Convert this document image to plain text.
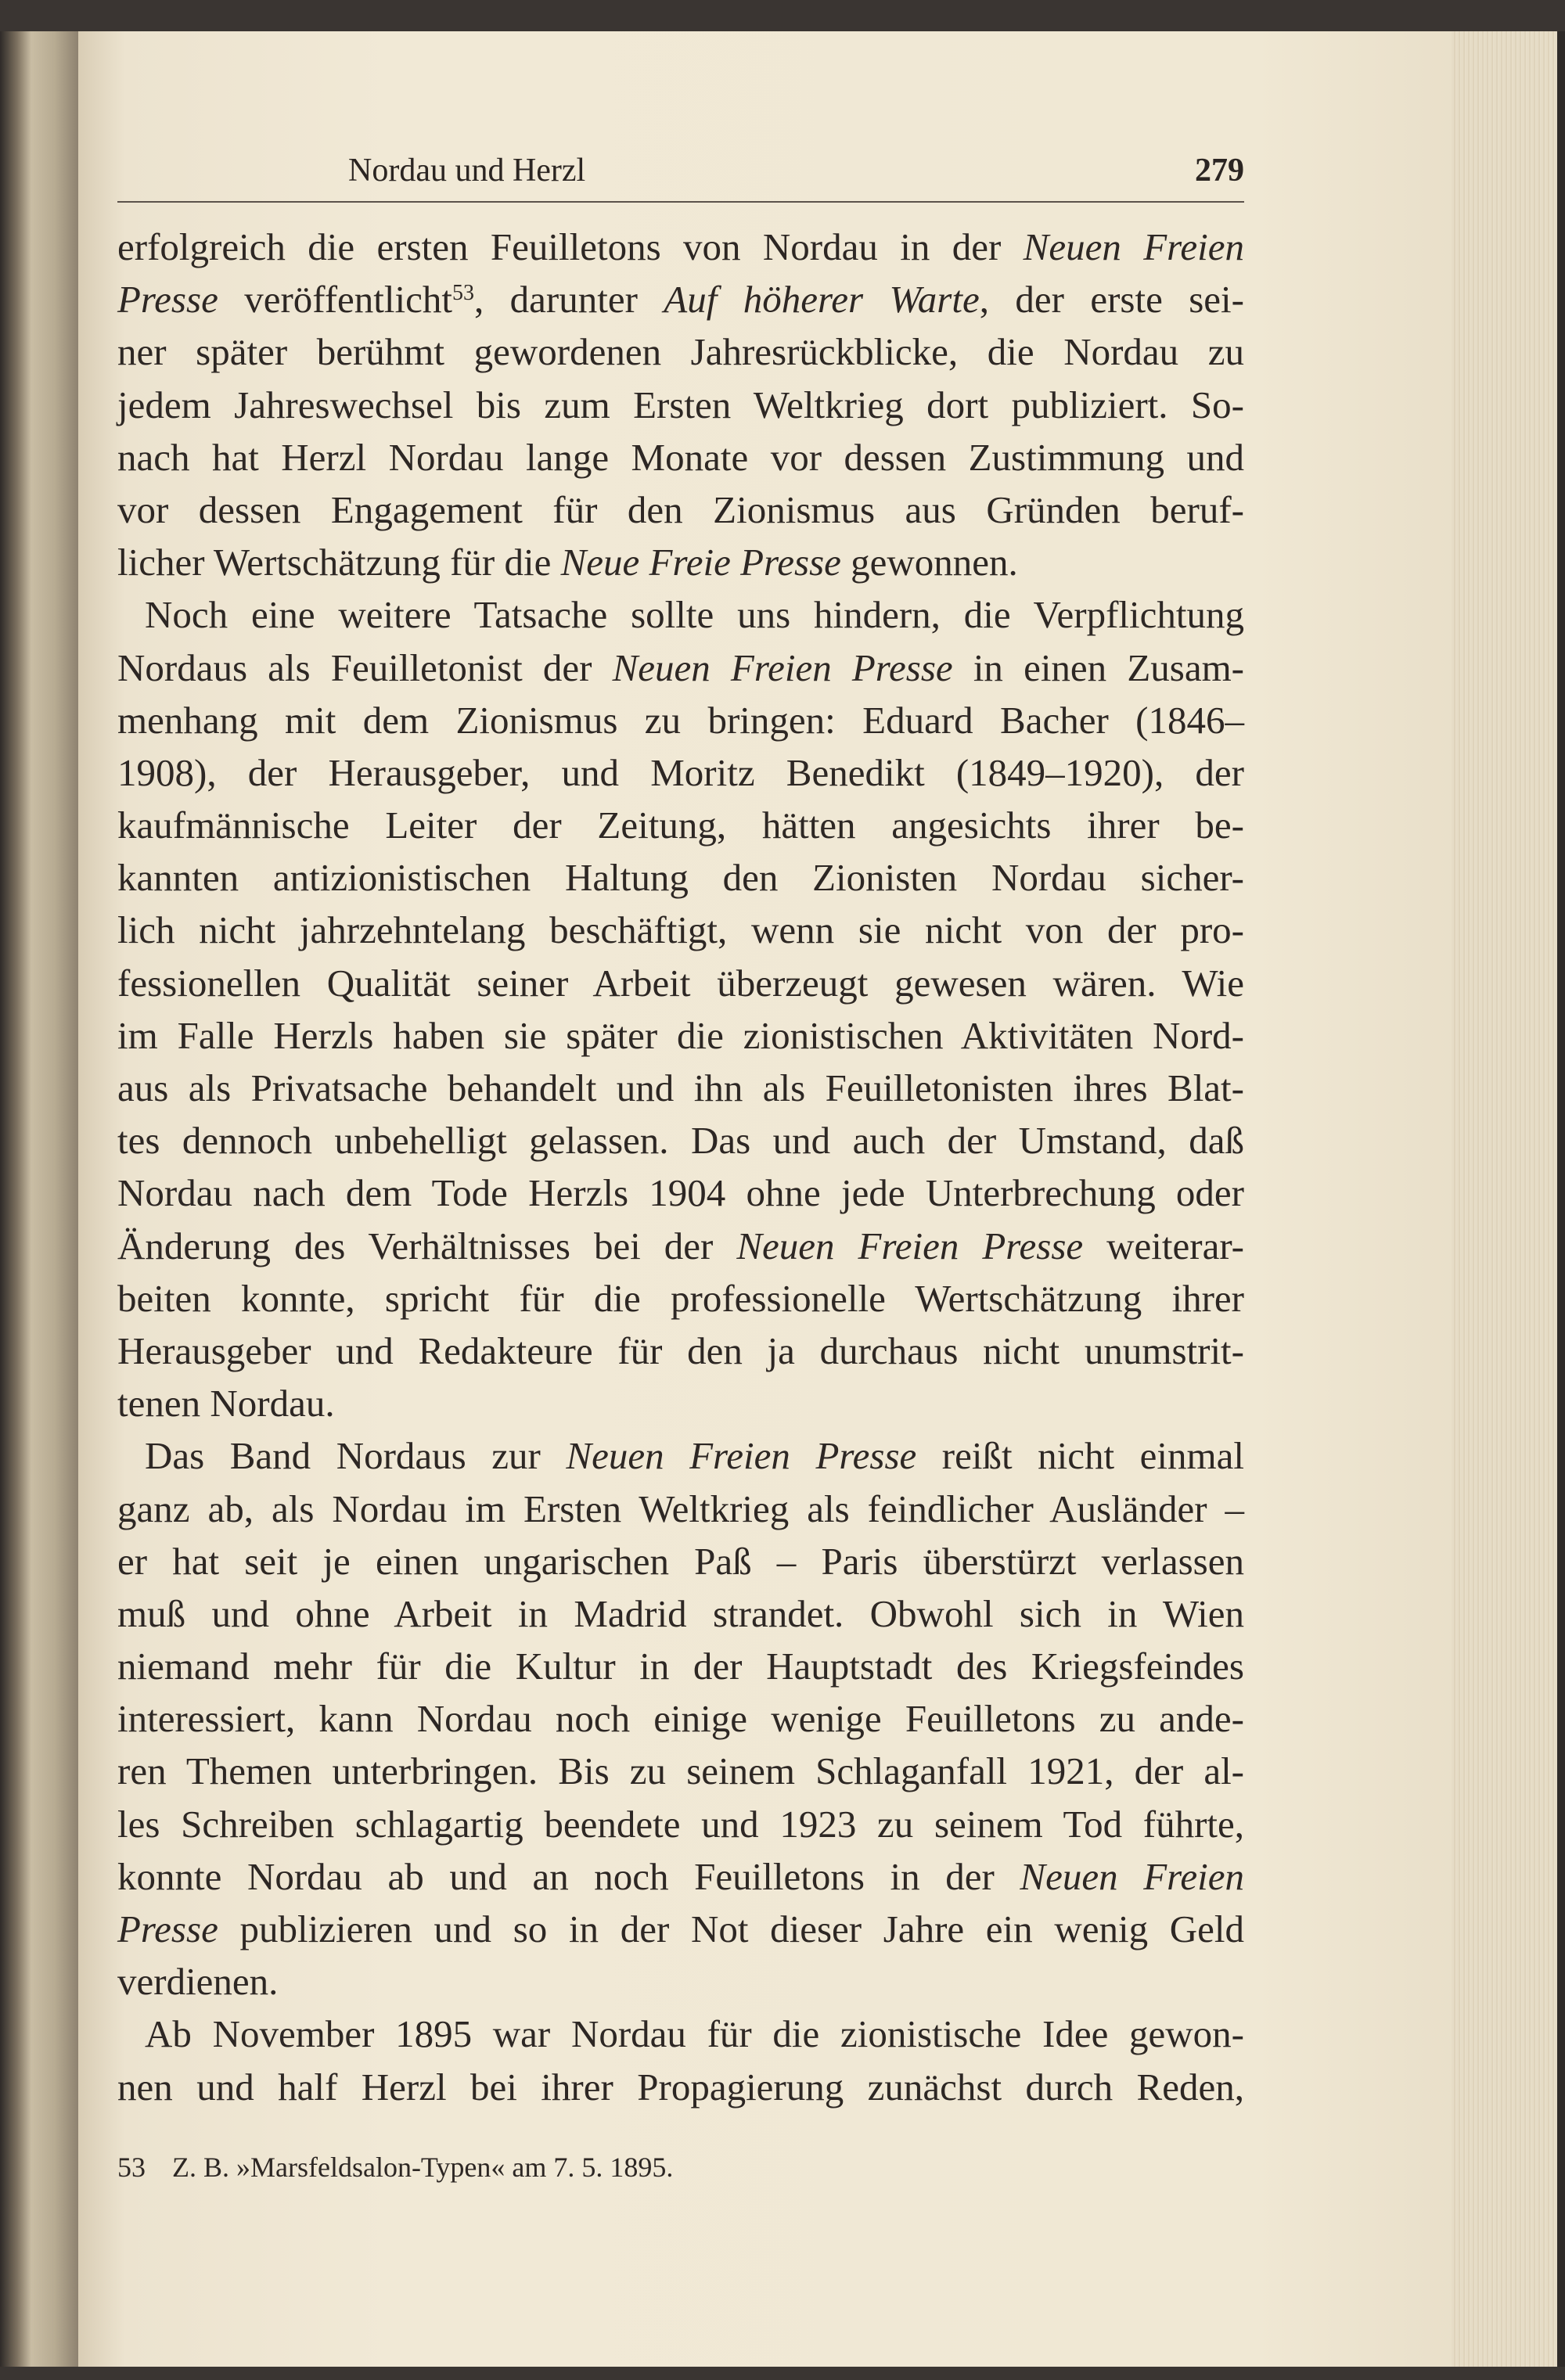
Nordau und Herzl	279
erfolgreich die ersten Feuilletons von Nordau in der Neuen Freien
Presse veröffentlicht$^{53}$, darunter Auf höherer Warte, der erste sei-
ner später berühmt gewordenen Jahresrückblicke, die Nordau zu
jedem Jahreswechsel bis zum Ersten Weltkrieg dort publiziert. So-
nach hat Herzl Nordau lange Monate vor dessen Zustimmung und
vor dessen Engagement für den Zionismus aus Gründen beruf-
licher Wertschätzung für die Neue Freie Presse gewonnen.
Noch eine weitere Tatsache sollte uns hindern, die Verpflichtung
Nordaus als Feuilletonist der Neuen Freien Presse in einen Zusam-
menhang mit dem Zionismus zu bringen: Eduard Bacher (1846–
1908), der Herausgeber, und Moritz Benedikt (1849–1920), der
kaufmännische Leiter der Zeitung, hätten angesichts ihrer be-
kannten antizionistischen Haltung den Zionisten Nordau sicher-
lich nicht jahrzehntelang beschäftigt, wenn sie nicht von der pro-
fessionellen Qualität seiner Arbeit überzeugt gewesen wären. Wie
im Falle Herzls haben sie später die zionistischen Aktivitäten Nord-
aus als Privatsache behandelt und ihn als Feuilletonisten ihres Blat-
tes dennoch unbehelligt gelassen. Das und auch der Umstand, daß
Nordau nach dem Tode Herzls 1904 ohne jede Unterbrechung oder
Änderung des Verhältnisses bei der Neuen Freien Presse weiterar-
beiten konnte, spricht für die professionelle Wertschätzung ihrer
Herausgeber und Redakteure für den ja durchaus nicht unumstrit-
tenen Nordau.
Das Band Nordaus zur Neuen Freien Presse reißt nicht einmal
ganz ab, als Nordau im Ersten Weltkrieg als feindlicher Ausländer –
er hat seit je einen ungarischen Paß – Paris überstürzt verlassen
muß und ohne Arbeit in Madrid strandet. Obwohl sich in Wien
niemand mehr für die Kultur in der Hauptstadt des Kriegsfeindes
interessiert, kann Nordau noch einige wenige Feuilletons zu ande-
ren Themen unterbringen. Bis zu seinem Schlaganfall 1921, der al-
les Schreiben schlagartig beendete und 1923 zu seinem Tod führte,
konnte Nordau ab und an noch Feuilletons in der Neuen Freien
Presse publizieren und so in der Not dieser Jahre ein wenig Geld
verdienen.
Ab November 1895 war Nordau für die zionistische Idee gewon-
nen und half Herzl bei ihrer Propagierung zunächst durch Reden,
53 Z. B. »Marsfeldsalon-Typen« am 7. 5. 1895.
